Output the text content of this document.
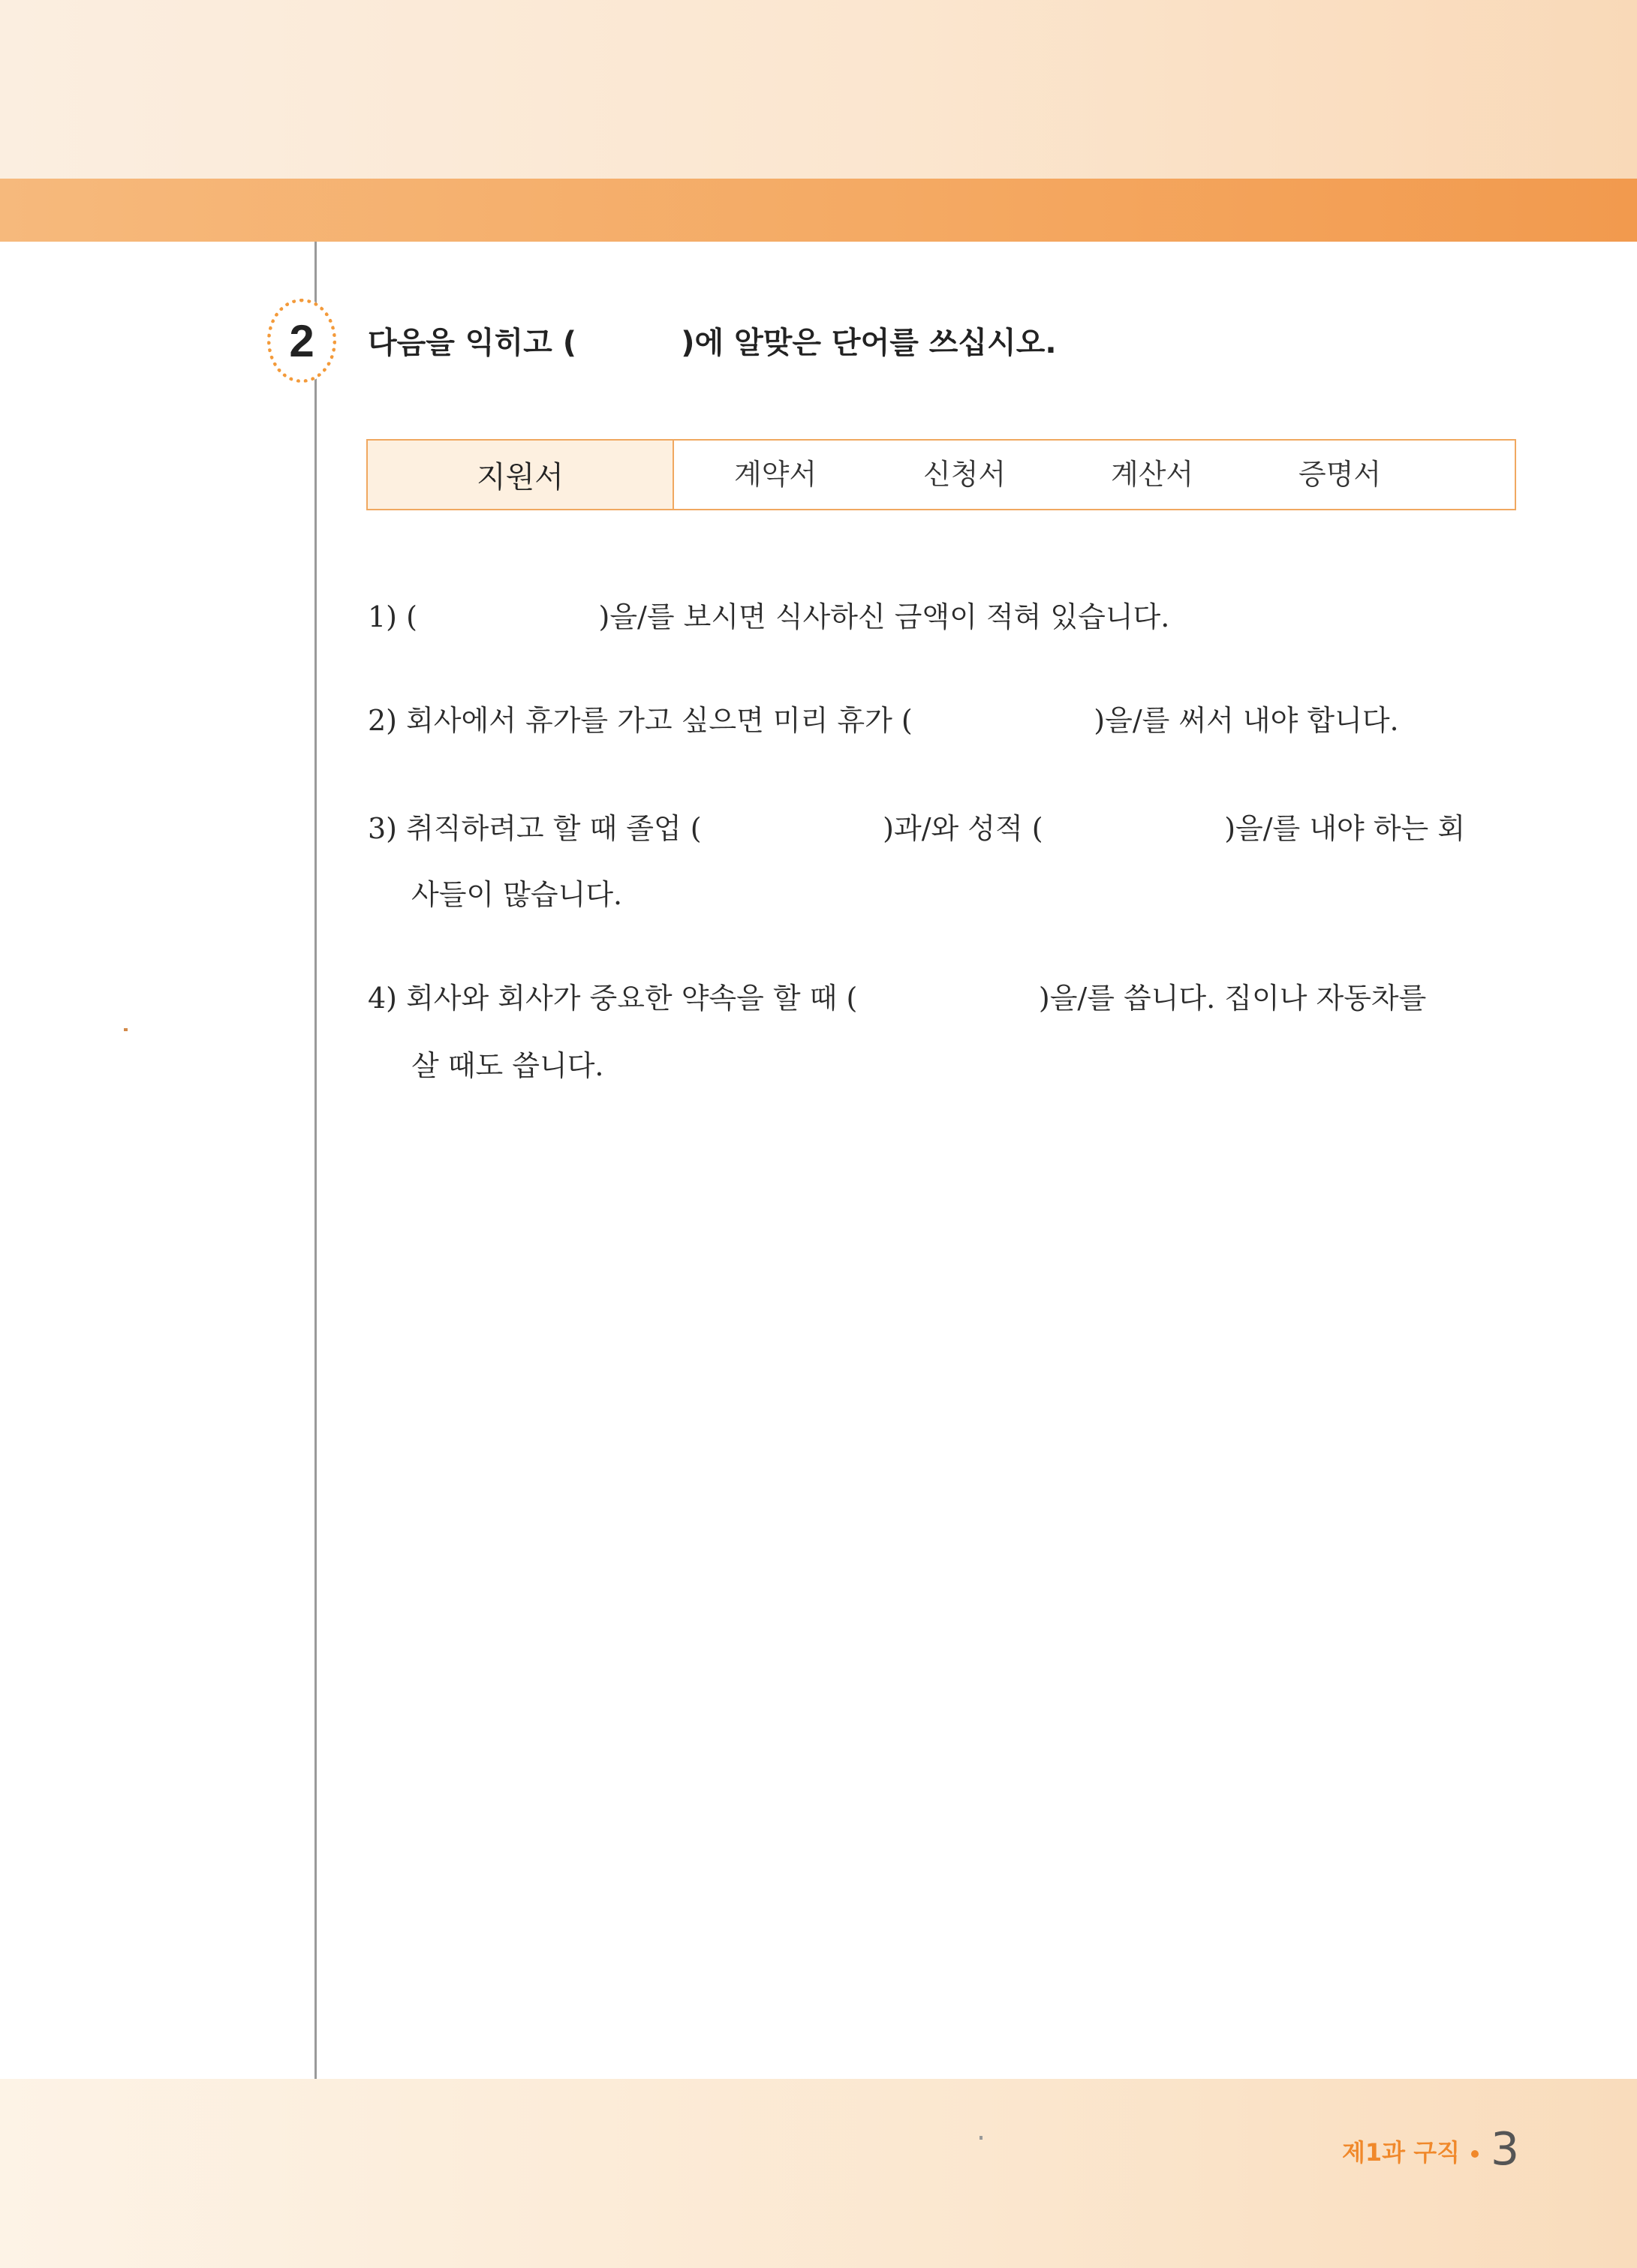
2	다음을 익히고 (          )에 알맞은 단어를 쓰십시오.
지원서	계약서	신청서	계산서	증명서
1) (                    )을/를 보시면 식사하신 금액이 적혀 있습니다.
2) 회사에서 휴가를 가고 싶으면 미리 휴가 (                    )을/를 써서 내야 합니다.
3) 취직하려고 할 때 졸업 (                    )과/와 성적 (                    )을/를 내야 하는 회
사들이 많습니다.
4) 회사와 회사가 중요한 약속을 할 때 (                    )을/를 씁니다. 집이나 자동차를
살 때도 씁니다.
제1과 구직 3
